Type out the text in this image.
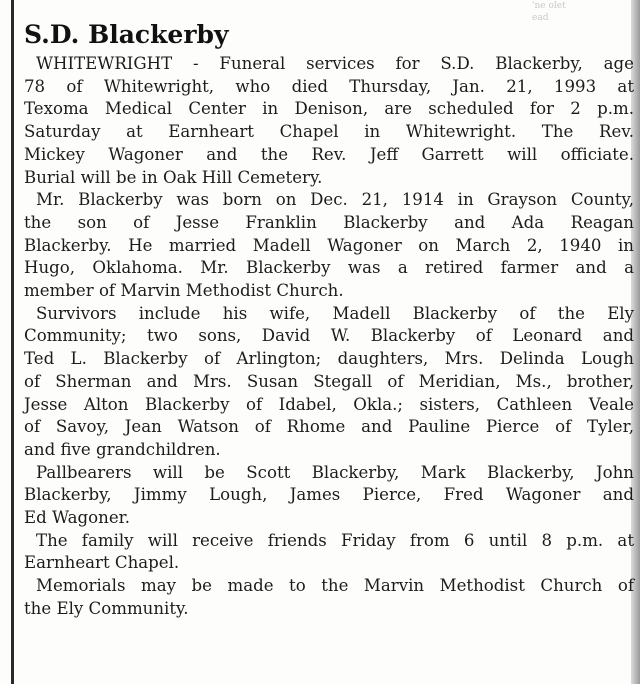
'ne olet
ead
S.D. Blackerby

WHITEWRIGHT - Funeral services for S.D. Blackerby, age
78 of Whitewright, who died Thursday, Jan. 21, 1993 at
Texoma Medical Center in Denison, are scheduled for 2 p.m.
Saturday at Earnheart Chapel in Whitewright. The Rev.
Mickey Wagoner and the Rev. Jeff Garrett will officiate.
Burial will be in Oak Hill Cemetery.

Mr. Blackerby was born on Dec. 21, 1914 in Grayson County,
the son of Jesse Franklin Blackerby and Ada Reagan
Blackerby. He married Madell Wagoner on March 2, 1940 in
Hugo, Oklahoma. Mr. Blackerby was a retired farmer and a
member of Marvin Methodist Church.

Survivors include his wife, Madell Blackerby of the Ely
Community; two sons, David W. Blackerby of Leonard and
Ted L. Blackerby of Arlington; daughters, Mrs. Delinda Lough
of Sherman and Mrs. Susan Stegall of Meridian, Ms., brother,
Jesse Alton Blackerby of Idabel, Okla.; sisters, Cathleen Veale
of Savoy, Jean Watson of Rhome and Pauline Pierce of Tyler,
and five grandchildren.

Pallbearers will be Scott Blackerby, Mark Blackerby, John
Blackerby, Jimmy Lough, James Pierce, Fred Wagoner and
Ed Wagoner.

The family will receive friends Friday from 6 until 8 p.m. at
Earnheart Chapel.

Memorials may be made to the Marvin Methodist Church of
the Ely Community.
